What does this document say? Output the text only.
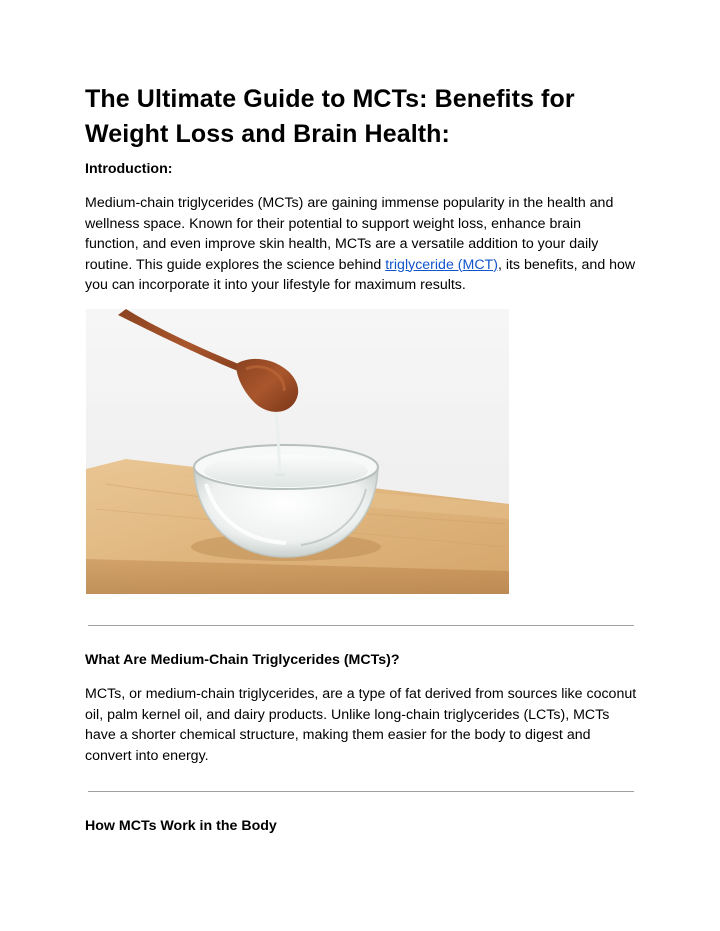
The Ultimate Guide to MCTs: Benefits for Weight Loss and Brain Health:
Introduction:

Medium-chain triglycerides (MCTs) are gaining immense popularity in the health and wellness space. Known for their potential to support weight loss, enhance brain function, and even improve skin health, MCTs are a versatile addition to your daily routine. This guide explores the science behind triglyceride (MCT), its benefits, and how you can incorporate it into your lifestyle for maximum results.

What Are Medium-Chain Triglycerides (MCTs)?

MCTs, or medium-chain triglycerides, are a type of fat derived from sources like coconut oil, palm kernel oil, and dairy products. Unlike long-chain triglycerides (LCTs), MCTs have a shorter chemical structure, making them easier for the body to digest and convert into energy.

How MCTs Work in the Body
